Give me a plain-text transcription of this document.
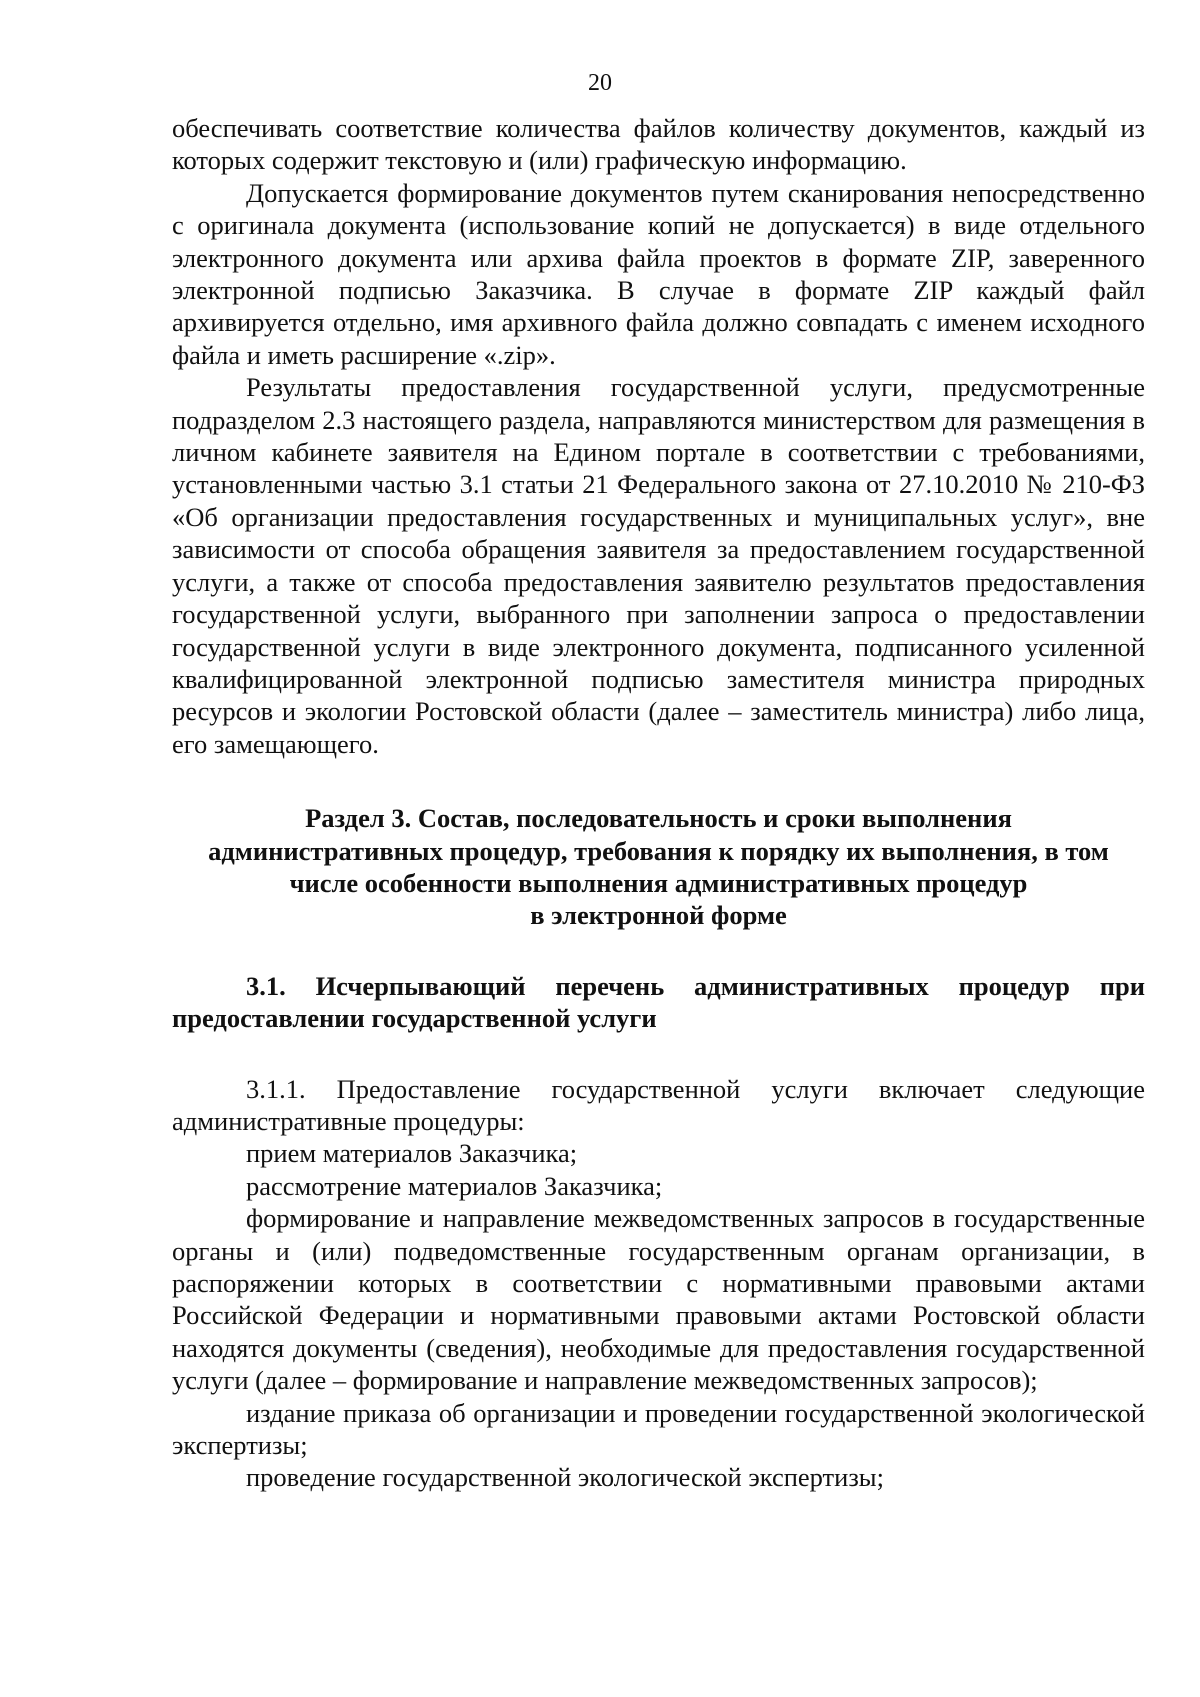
20

обеспечивать соответствие количества файлов количеству документов, каждый из которых содержит текстовую и (или) графическую информацию.

Допускается формирование документов путем сканирования непосредственно с оригинала документа (использование копий не допускается) в виде отдельного электронного документа или архива файла проектов в формате ZIP, заверенного электронной подписью Заказчика. В случае в формате ZIP каждый файл архивируется отдельно, имя архивного файла должно совпадать с именем исходного файла и иметь расширение «.zip».

Результаты предоставления государственной услуги, предусмотренные подразделом 2.3 настоящего раздела, направляются министерством для размещения в личном кабинете заявителя на Едином портале в соответствии с требованиями, установленными частью 3.1 статьи 21 Федерального закона от 27.10.2010 № 210-ФЗ «Об организации предоставления государственных и муниципальных услуг», вне зависимости от способа обращения заявителя за предоставлением государственной услуги, а также от способа предоставления заявителю результатов предоставления государственной услуги, выбранного при заполнении запроса о предоставлении государственной услуги в виде электронного документа, подписанного усиленной квалифицированной электронной подписью заместителя министра природных ресурсов и экологии Ростовской области (далее – заместитель министра) либо лица, его замещающего.

Раздел 3. Состав, последовательность и сроки выполнения
административных процедур, требования к порядку их выполнения, в том
числе особенности выполнения административных процедур
в электронной форме

3.1. Исчерпывающий перечень административных процедур при предоставлении государственной услуги

3.1.1. Предоставление государственной услуги включает следующие административные процедуры:

прием материалов Заказчика;

рассмотрение материалов Заказчика;

формирование и направление межведомственных запросов в государственные органы и (или) подведомственные государственным органам организации, в распоряжении которых в соответствии с нормативными правовыми актами Российской Федерации и нормативными правовыми актами Ростовской области находятся документы (сведения), необходимые для предоставления государственной услуги (далее – формирование и направление межведомственных запросов);

издание приказа об организации и проведении государственной экологической экспертизы;

проведение государственной экологической экспертизы;
